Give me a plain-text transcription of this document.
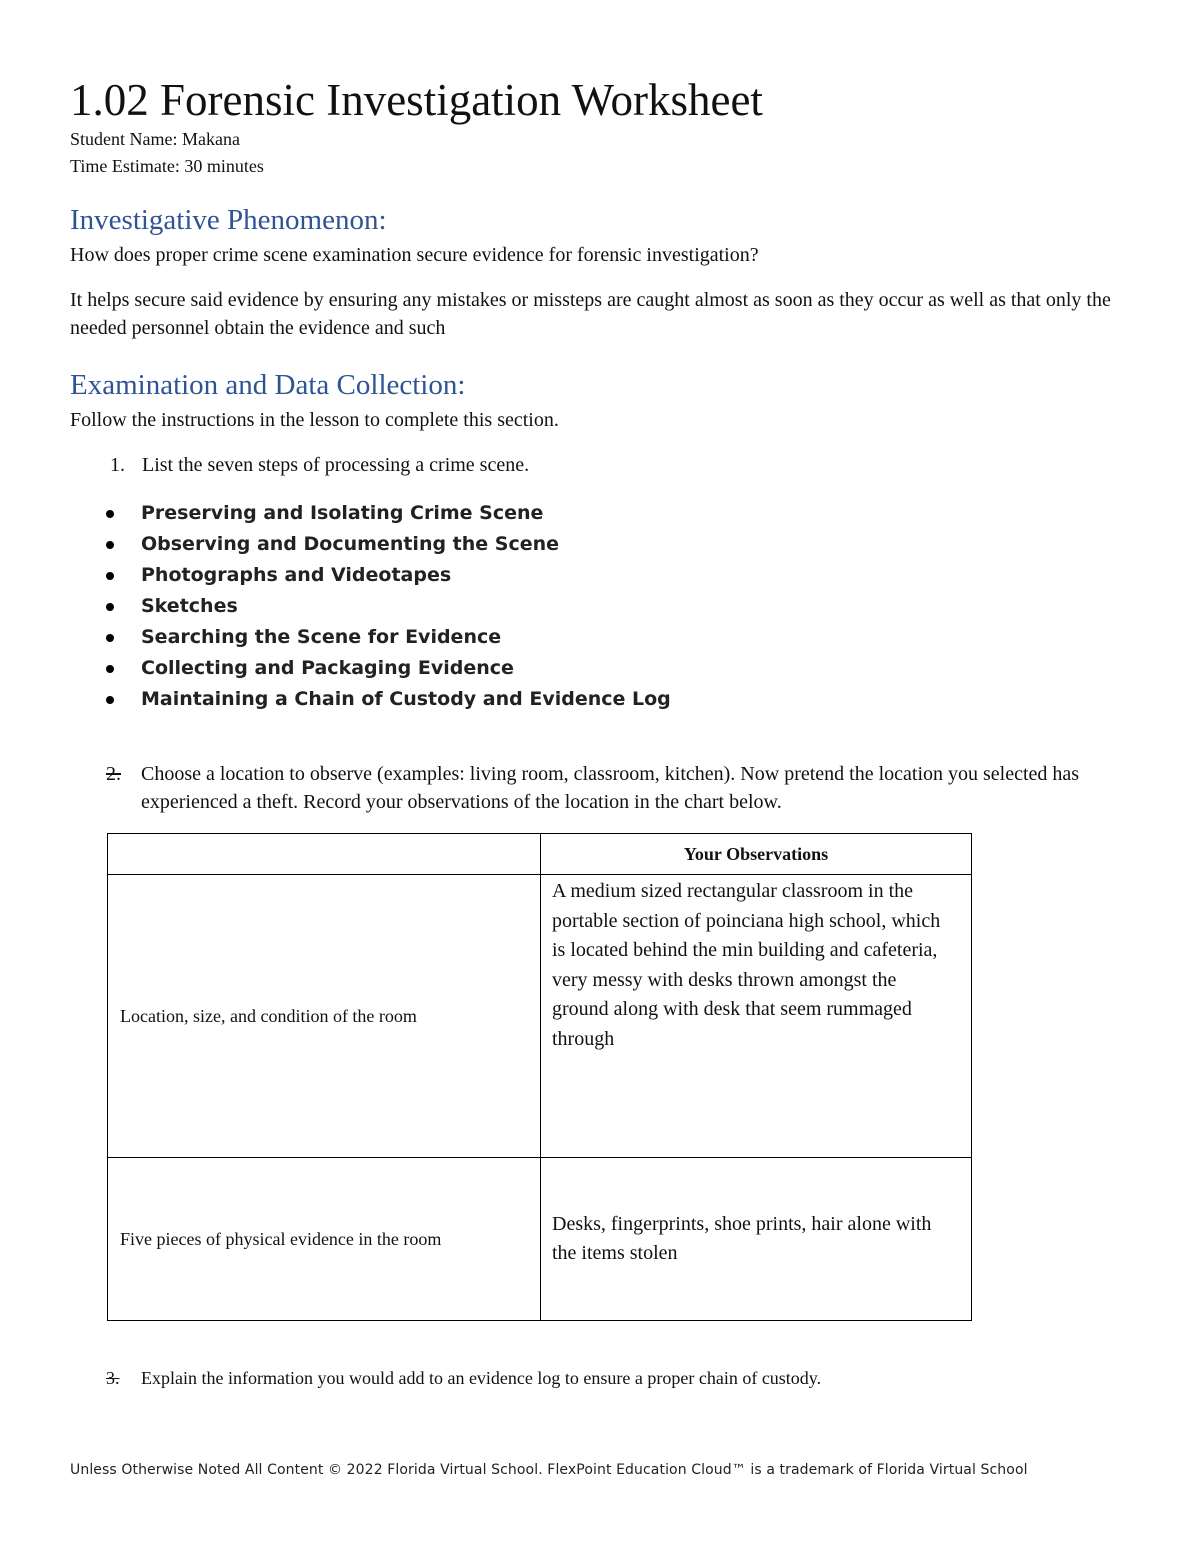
1.02 Forensic Investigation Worksheet
Student Name: Makana
Time Estimate: 30 minutes
Investigative Phenomenon:
How does proper crime scene examination secure evidence for forensic investigation?
It helps secure said evidence by ensuring any mistakes or missteps are caught almost as soon as they occur as well as that only the needed personnel obtain the evidence and such
Examination and Data Collection:
Follow the instructions in the lesson to complete this section.
1. List the seven steps of processing a crime scene.
Preserving and Isolating Crime Scene
Observing and Documenting the Scene
Photographs and Videotapes
Sketches
Searching the Scene for Evidence
Collecting and Packaging Evidence
Maintaining a Chain of Custody and Evidence Log
2.	Choose a location to observe (examples: living room, classroom, kitchen). Now pretend the location you selected has experienced a theft. Record your observations of the location in the chart below.
	Your Observations

Location, size, and condition of the room	A medium sized rectangular classroom in the portable section of poinciana high school, which is located behind the min building and cafeteria, very messy with desks thrown amongst the ground along with desk that seem rummaged through

Five pieces of physical evidence in the room	Desks, fingerprints, shoe prints, hair alone with the items stolen
3.	Explain the information you would add to an evidence log to ensure a proper chain of custody.
Unless Otherwise Noted All Content © 2022 Florida Virtual School. FlexPoint Education Cloud™ is a trademark of Florida Virtual School
